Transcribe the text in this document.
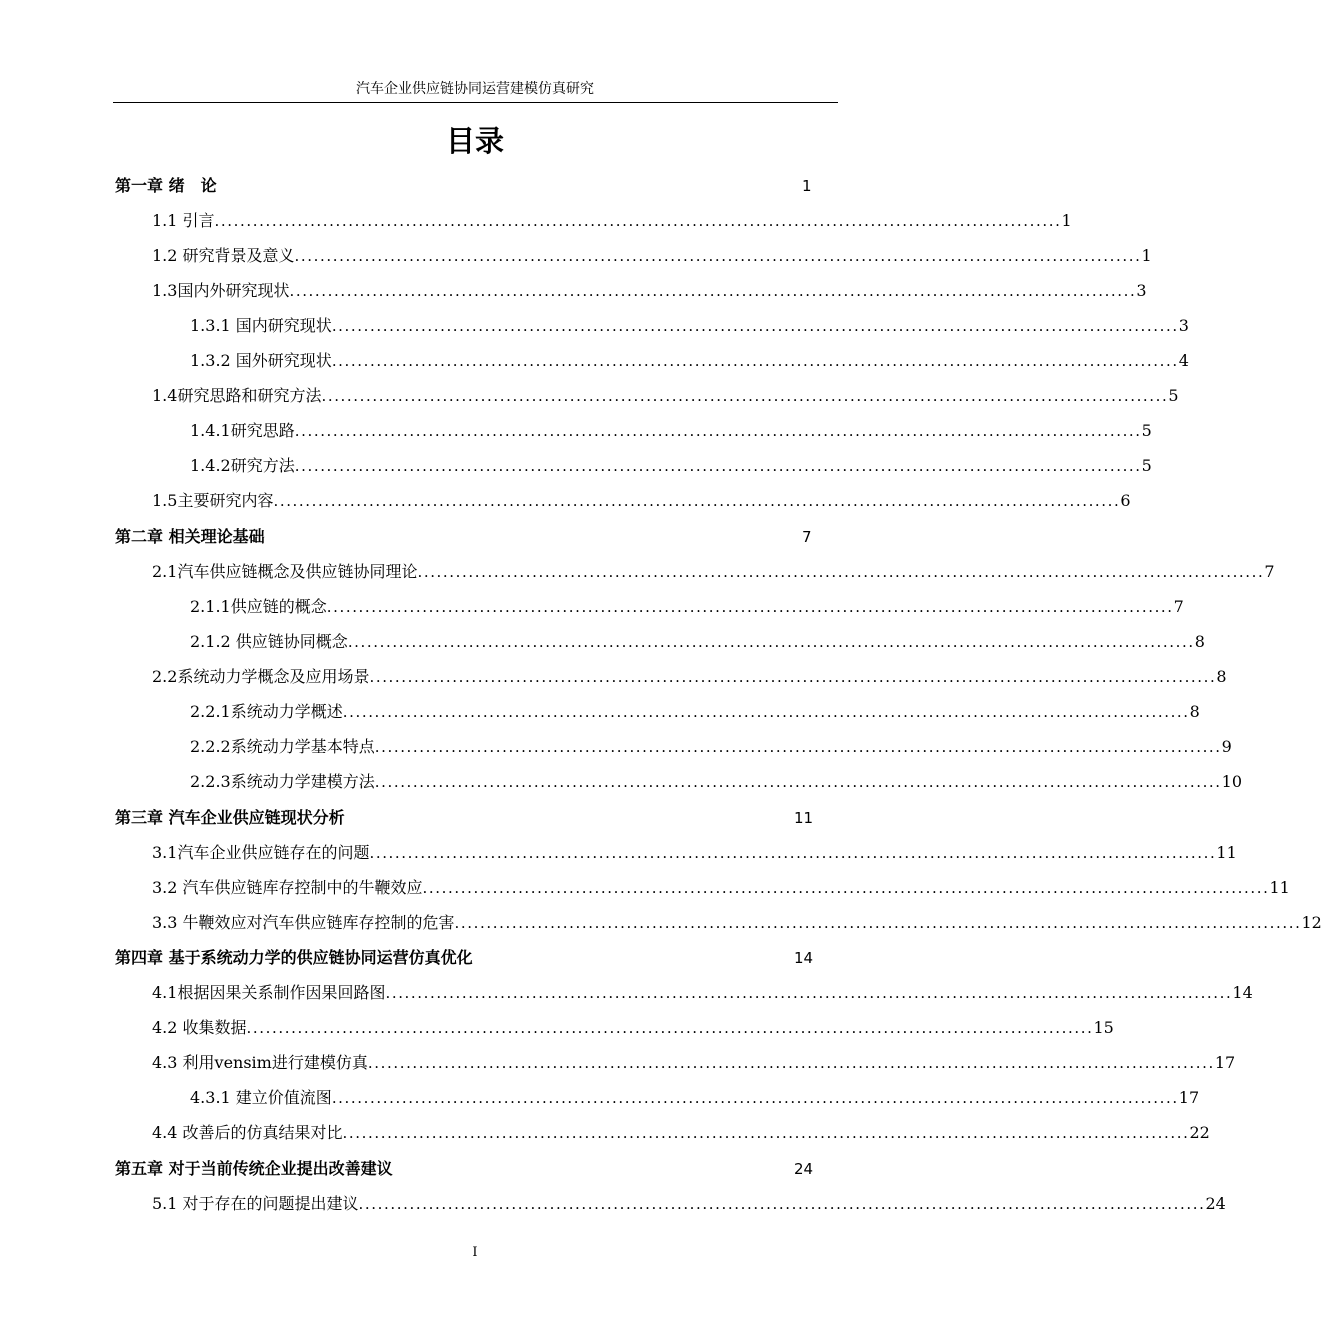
汽车企业供应链协同运营建模仿真研究
目录
第一章 绪　论	1
1.1 引言 ..................................................................................................................................... 1
1.2 研究背景及意义 ..................................................................................................................................... 1
1.3国内外研究现状 ..................................................................................................................................... 3
1.3.1 国内研究现状 ..................................................................................................................................... 3
1.3.2 国外研究现状 ..................................................................................................................................... 4
1.4研究思路和研究方法 ..................................................................................................................................... 5
1.4.1研究思路 ..................................................................................................................................... 5
1.4.2研究方法 ..................................................................................................................................... 5
1.5主要研究内容 ..................................................................................................................................... 6
第二章 相关理论基础	7
2.1汽车供应链概念及供应链协同理论 ..................................................................................................................................... 7
2.1.1供应链的概念 ..................................................................................................................................... 7
2.1.2 供应链协同概念 ..................................................................................................................................... 8
2.2系统动力学概念及应用场景 ..................................................................................................................................... 8
2.2.1系统动力学概述 ..................................................................................................................................... 8
2.2.2系统动力学基本特点 ..................................................................................................................................... 9
2.2.3系统动力学建模方法 ..................................................................................................................................... 10
第三章 汽车企业供应链现状分析	11
3.1汽车企业供应链存在的问题 ..................................................................................................................................... 11
3.2 汽车供应链库存控制中的牛鞭效应 ..................................................................................................................................... 11
3.3 牛鞭效应对汽车供应链库存控制的危害 ..................................................................................................................................... 12
第四章 基于系统动力学的供应链协同运营仿真优化	14
4.1根据因果关系制作因果回路图 ..................................................................................................................................... 14
4.2 收集数据 ..................................................................................................................................... 15
4.3 利用vensim进行建模仿真 ..................................................................................................................................... 17
4.3.1 建立价值流图 ..................................................................................................................................... 17
4.4 改善后的仿真结果对比 ..................................................................................................................................... 22
第五章 对于当前传统企业提出改善建议	24
5.1 对于存在的问题提出建议 ..................................................................................................................................... 24
I
